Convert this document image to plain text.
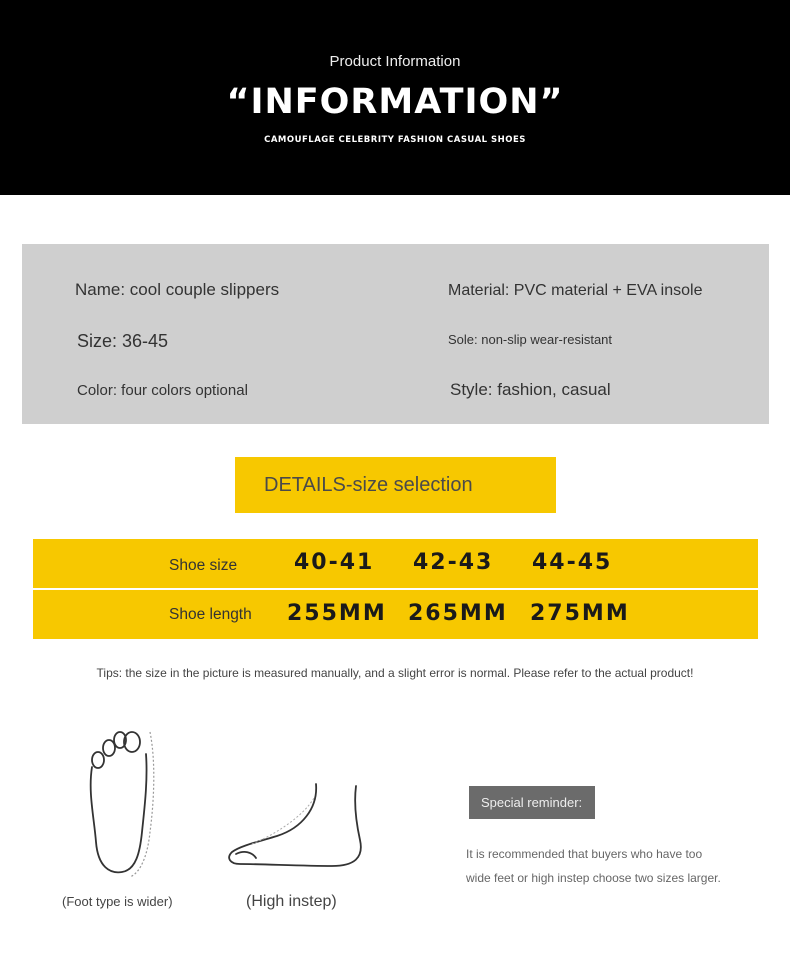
Product Information
“INFORMATION”
CAMOUFLAGE CELEBRITY FASHION CASUAL SHOES
Name: cool couple slippers	Material: PVC material + EVA insole
Size: 36-45	Sole: non-slip wear-resistant
Color: four colors optional	Style: fashion, casual
DETAILS-size selection
Shoe size	40-41 42-43 44-45
Shoe length 255MM 265MM 275MM
Tips: the size in the picture is measured manually, and a slight error is normal. Please refer to the actual product!
(Foot type is wider)	(High instep)
Special reminder:
It is recommended that buyers who have too
wide feet or high instep choose two sizes larger.
